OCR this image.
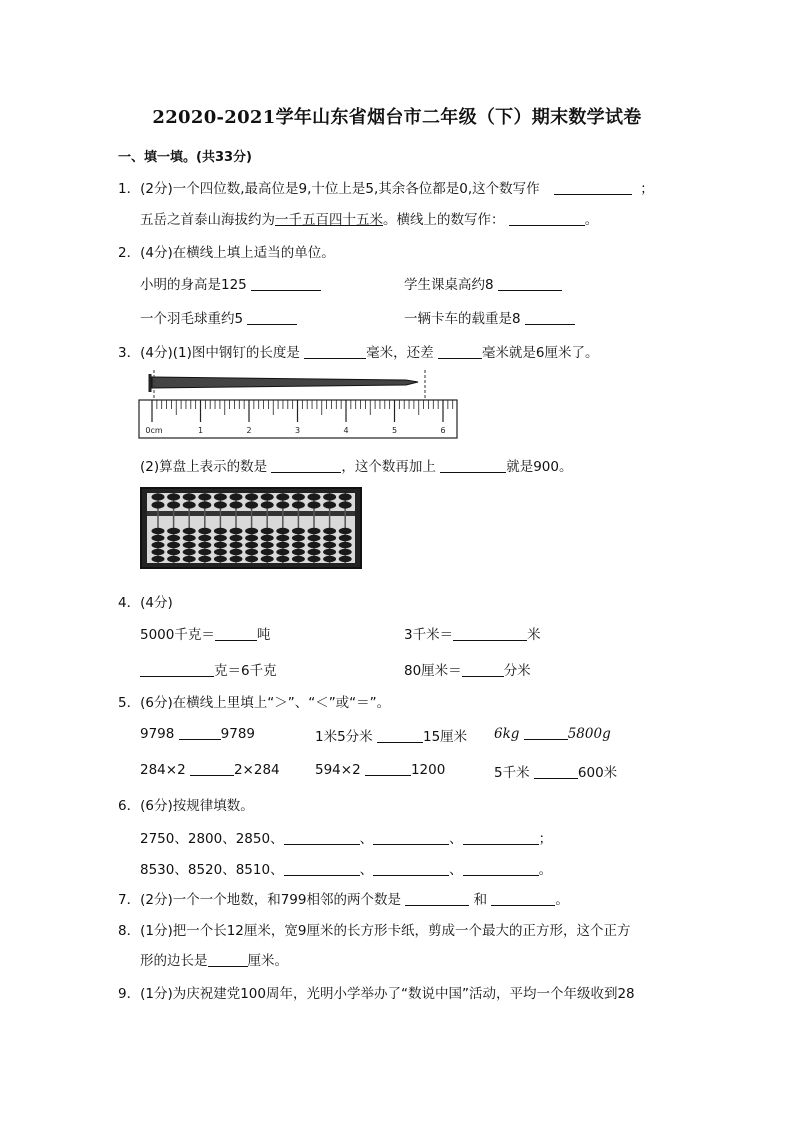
22020-2021学年山东省烟台市二年级（下）期末数学试卷
一、填一填。(共33分)
1．(2分)一个四位数,最高位是9,十位上是5,其余各位都是0,这个数写作	；
五岳之首泰山海拔约为一千五百四十五米。横线上的数写作：	。
2．(4分)在横线上填上适当的单位。
小明的身高是125	学生课桌高约8
一个羽毛球重约5	一辆卡车的载重是8
3．(4分)(1)图中钢钉的长度是	毫米，还差	毫米就是6厘米了。
0cm	1	2	3	4	5	6
(2)算盘上表示的数是	，这个数再加上	就是900。
4．(4分)
5000千克＝	吨	3千米＝	米
克＝6千克	80厘米＝	分米
5．(6分)在横线上里填上“＞”、“＜”或“＝”。
9798	9789	1米5分米	15厘米 6kg	5800g
284×2	2×284	594×2	1200	5千米	600米
6．(6分)按规律填数。
2750、2800、2850、	、	、	；
8530、8520、8510、	、	、	。
7．(2分)一个一个地数，和799相邻的两个数是	和	。
8．(1分)把一个长12厘米，宽9厘米的长方形卡纸，剪成一个最大的正方形，这个正方
形的边长是	厘米。
9．(1分)为庆祝建党100周年，光明小学举办了“数说中国”活动，平均一个年级收到28
